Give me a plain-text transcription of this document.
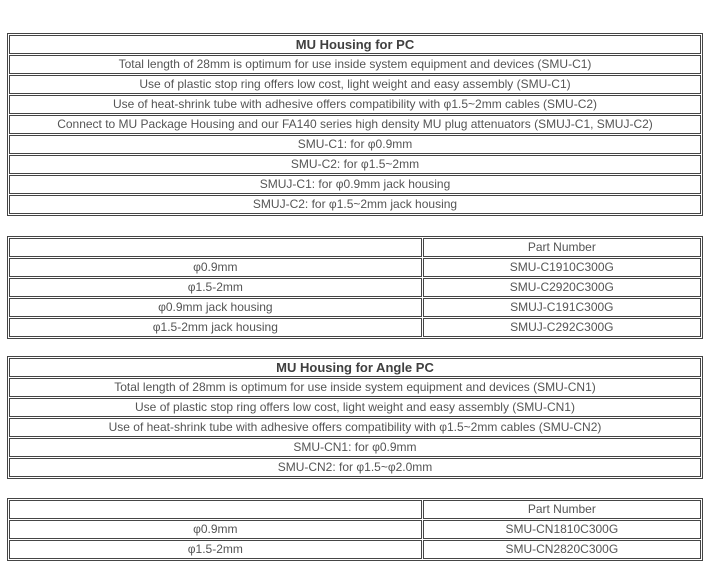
MU Housing for PC
Total length of 28mm is optimum for use inside system equipment and devices (SMU-C1)
Use of plastic stop ring offers low cost, light weight and easy assembly (SMU-C1)
Use of heat-shrink tube with adhesive offers compatibility with φ1.5~2mm cables (SMU-C2)
Connect to MU Package Housing and our FA140 series high density MU plug attenuators (SMUJ-C1, SMUJ-C2)
SMU-C1: for φ0.9mm
SMU-C2: for φ1.5~2mm
SMUJ-C1: for φ0.9mm jack housing
SMUJ-C2: for φ1.5~2mm jack housing
	Part Number
φ0.9mm	SMU-C1910C300G
φ1.5-2mm	SMU-C2920C300G
φ0.9mm jack housing	SMUJ-C191C300G
φ1.5-2mm jack housing	SMUJ-C292C300G
MU Housing for Angle PC
Total length of 28mm is optimum for use inside system equipment and devices (SMU-CN1)
Use of plastic stop ring offers low cost, light weight and easy assembly (SMU-CN1)
Use of heat-shrink tube with adhesive offers compatibility with φ1.5~2mm cables (SMU-CN2)
SMU-CN1: for φ0.9mm
SMU-CN2: for φ1.5~φ2.0mm
	Part Number
φ0.9mm	SMU-CN1810C300G
φ1.5-2mm	SMU-CN2820C300G
